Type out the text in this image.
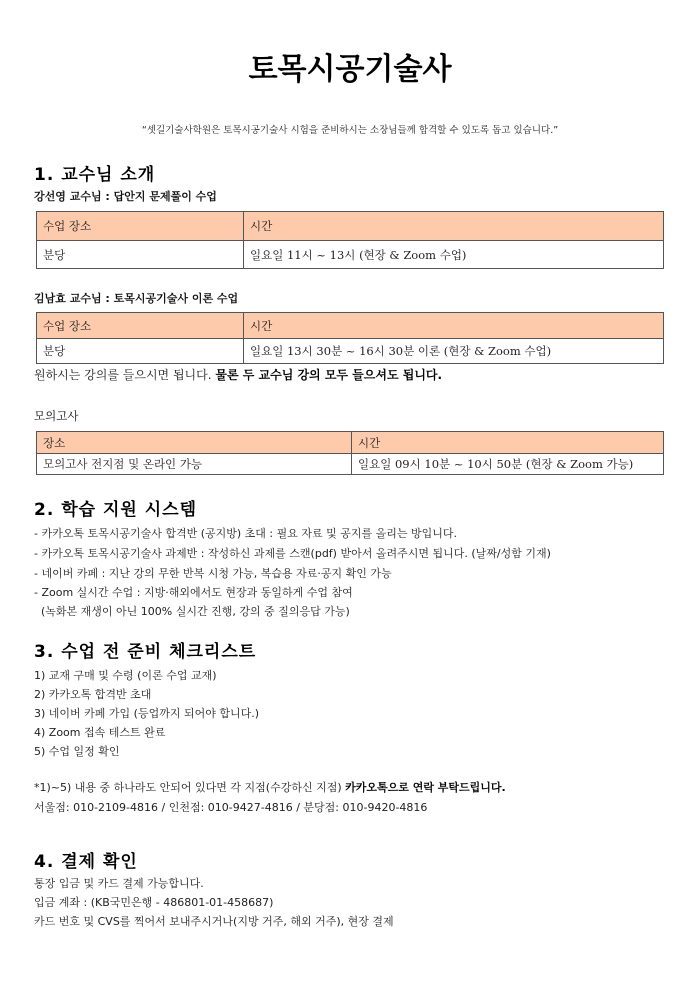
토목시공기술사
“셋길기술사학원은 토목시공기술사 시험을 준비하시는 소장님들께 합격할 수 있도록 돕고 있습니다.”
1. 교수님 소개
강선영 교수님 : 답안지 문제풀이 수업
수업 장소	시간
분당	일요일 11시 ~ 13시 (현장 & Zoom 수업)
김남효 교수님 : 토목시공기술사 이론 수업
수업 장소	시간
분당	일요일 13시 30분 ~ 16시 30분 이론 (현장 & Zoom 수업)
원하시는 강의를 들으시면 됩니다. 물론 두 교수님 강의 모두 들으셔도 됩니다.
모의고사
장소	시간
모의고사 전지점 및 온라인 가능	일요일 09시 10분 ~ 10시 50분 (현장 & Zoom 가능)
2. 학습 지원 시스템
- 카카오톡 토목시공기술사 합격반 (공지방) 초대 : 필요 자료 및 공지를 올리는 방입니다.
- 카카오톡 토목시공기술사 과제반 : 작성하신 과제를 스캔(pdf) 받아서 올려주시면 됩니다. (날짜/성함 기재)
- 네이버 카페 : 지난 강의 무한 반복 시청 가능, 복습용 자료·공지 확인 가능
- Zoom 실시간 수업 : 지방·해외에서도 현장과 동일하게 수업 참여
(녹화본 재생이 아닌 100% 실시간 진행, 강의 중 질의응답 가능)
3. 수업 전 준비 체크리스트
1) 교재 구매 및 수령 (이론 수업 교재)
2) 카카오톡 합격반 초대
3) 네이버 카페 가입 (등업까지 되어야 합니다.)
4) Zoom 접속 테스트 완료
5) 수업 일정 확인
*1)~5) 내용 중 하나라도 안되어 있다면 각 지점(수강하신 지점) 카카오톡으로 연락 부탁드립니다.
서울점: 010-2109-4816 / 인천점: 010-9427-4816 / 분당점: 010-9420-4816
4. 결제 확인
통장 입금 및 카드 결제 가능합니다.
입금 계좌 : (KB국민은행 - 486801-01-458687)
카드 번호 및 CVS를 찍어서 보내주시거나(지방 거주, 해외 거주), 현장 결제
